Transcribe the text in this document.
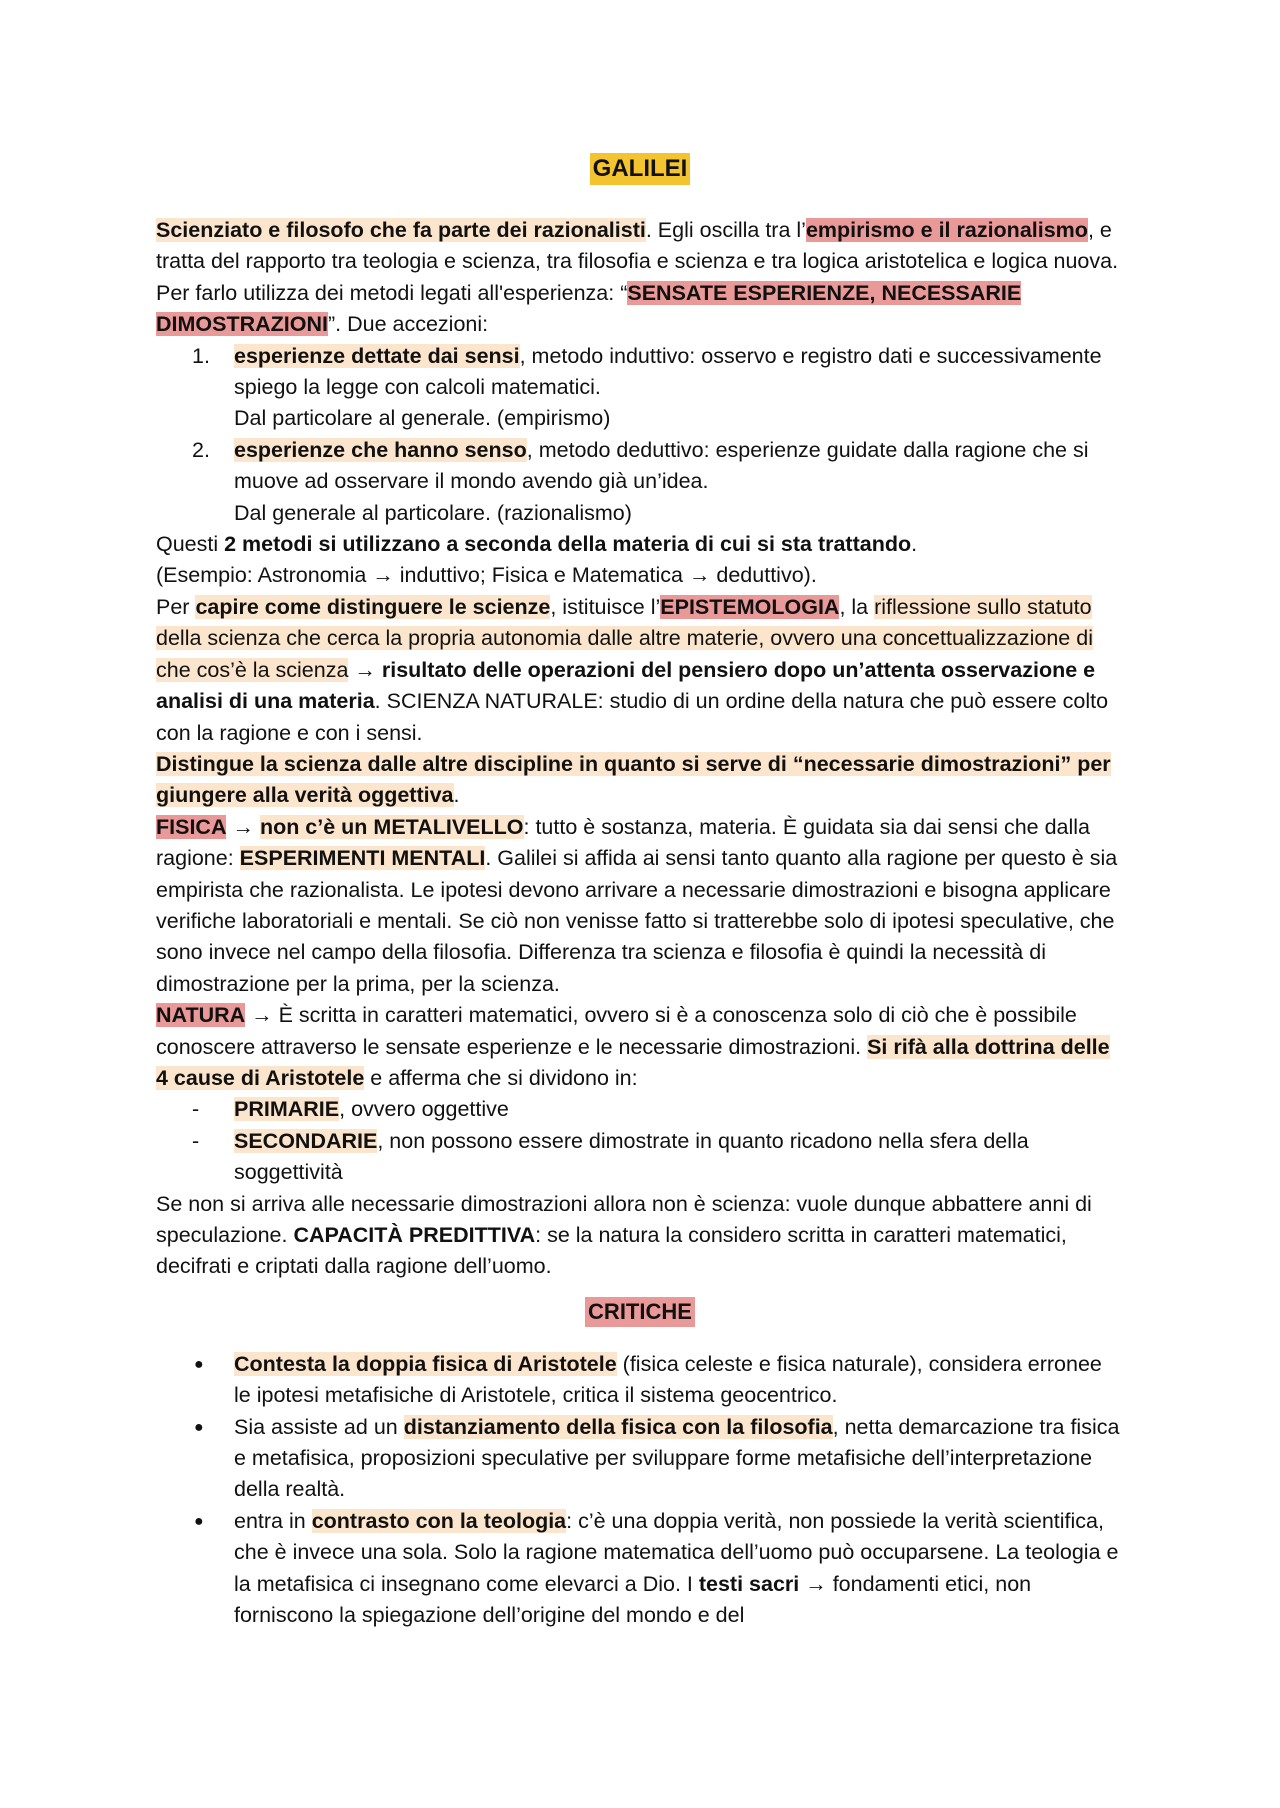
GALILEI

Scienziato e filosofo che fa parte dei razionalisti. Egli oscilla tra l’empirismo e il razionalismo, e tratta del rapporto tra teologia e scienza, tra filosofia e scienza e tra logica aristotelica e logica nuova. Per farlo utilizza dei metodi legati all'esperienza: “SENSATE ESPERIENZE, NECESSARIE DIMOSTRAZIONI”. Due accezioni:

1. esperienze dettate dai sensi, metodo induttivo: osservo e registro dati e successivamente spiego la legge con calcoli matematici.
Dal particolare al generale. (empirismo)
2. esperienze che hanno senso, metodo deduttivo: esperienze guidate dalla ragione che si muove ad osservare il mondo avendo già un’idea.
Dal generale al particolare. (razionalismo)

Questi 2 metodi si utilizzano a seconda della materia di cui si sta trattando.

(Esempio: Astronomia → induttivo; Fisica e Matematica → deduttivo).

Per capire come distinguere le scienze, istituisce l’EPISTEMOLOGIA, la riflessione sullo statuto della scienza che cerca la propria autonomia dalle altre materie, ovvero una concettualizzazione di che cos’è la scienza → risultato delle operazioni del pensiero dopo un’attenta osservazione e analisi di una materia. SCIENZA NATURALE: studio di un ordine della natura che può essere colto con la ragione e con i sensi.

Distingue la scienza dalle altre discipline in quanto si serve di “necessarie dimostrazioni” per giungere alla verità oggettiva.

FISICA → non c’è un METALIVELLO: tutto è sostanza, materia. È guidata sia dai sensi che dalla ragione: ESPERIMENTI MENTALI. Galilei si affida ai sensi tanto quanto alla ragione per questo è sia empirista che razionalista. Le ipotesi devono arrivare a necessarie dimostrazioni e bisogna applicare verifiche laboratoriali e mentali. Se ciò non venisse fatto si tratterebbe solo di ipotesi speculative, che sono invece nel campo della filosofia. Differenza tra scienza e filosofia è quindi la necessità di dimostrazione per la prima, per la scienza.

NATURA → È scritta in caratteri matematici, ovvero si è a conoscenza solo di ciò che è possibile conoscere attraverso le sensate esperienze e le necessarie dimostrazioni. Si rifà alla dottrina delle 4 cause di Aristotele e afferma che si dividono in:

- PRIMARIE, ovvero oggettive
- SECONDARIE, non possono essere dimostrate in quanto ricadono nella sfera della soggettività

Se non si arriva alle necessarie dimostrazioni allora non è scienza: vuole dunque abbattere anni di speculazione. CAPACITÀ PREDITTIVA: se la natura la considero scritta in caratteri matematici, decifrati e criptati dalla ragione dell’uomo.

CRITICHE
● Contesta la doppia fisica di Aristotele (fisica celeste e fisica naturale), considera erronee le ipotesi metafisiche di Aristotele, critica il sistema geocentrico.
● Sia assiste ad un distanziamento della fisica con la filosofia, netta demarcazione tra fisica e metafisica, proposizioni speculative per sviluppare forme metafisiche dell’interpretazione della realtà.
● entra in contrasto con la teologia: c’è una doppia verità, non possiede la verità scientifica, che è invece una sola. Solo la ragione matematica dell’uomo può occuparsene. La teologia e la metafisica ci insegnano come elevarci a Dio. I testi sacri → fondamenti etici, non forniscono la spiegazione dell’origine del mondo e del
